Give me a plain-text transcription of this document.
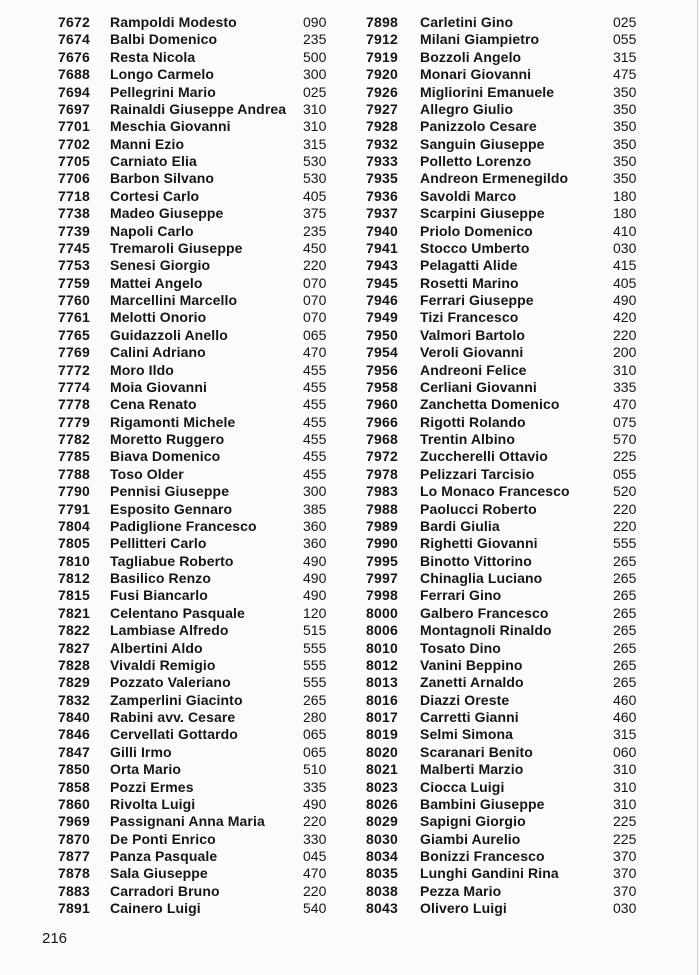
7672 Rampoldi Modesto	090
7674 Balbi Domenico	235
7676 Resta Nicola	500
7688 Longo Carmelo	300
7694 Pellegrini Mario	025
7697 Rainaldi Giuseppe Andrea 310
7701 Meschia Giovanni	310
7702 Manni Ezio	315
7705 Carniato Elia	530
7706 Barbon Silvano	530
7718 Cortesi Carlo	405
7738 Madeo Giuseppe	375
7739 Napoli Carlo	235
7745 Tremaroli Giuseppe	450
7753 Senesi Giorgio	220
7759 Mattei Angelo	070
7760 Marcellini Marcello	070
7761 Melotti Onorio	070
7765 Guidazzoli Anello	065
7769 Calini Adriano	470
7772 Moro Ildo	455
7774 Moia Giovanni	455
7778 Cena Renato	455
7779 Rigamonti Michele	455
7782 Moretto Ruggero	455
7785 Biava Domenico	455
7788 Toso Older	455
7790 Pennisi Giuseppe	300
7791 Esposito Gennaro	385
7804 Padiglione Francesco	360
7805 Pellitteri Carlo	360
7810 Tagliabue Roberto	490
7812 Basilico Renzo	490
7815 Fusi Biancarlo	490
7821 Celentano Pasquale	120
7822 Lambiase Alfredo	515
7827 Albertini Aldo	555
7828 Vivaldi Remigio	555
7829 Pozzato Valeriano	555
7832 Zamperlini Giacinto	265
7840 Rabini avv. Cesare	280
7846 Cervellati Gottardo	065
7847 Gilli Irmo	065
7850 Orta Mario	510
7858 Pozzi Ermes	335
7860 Rivolta Luigi	490
7969 Passignani Anna Maria	220
7870 De Ponti Enrico	330
7877 Panza Pasquale	045
7878 Sala Giuseppe	470
7883 Carradori Bruno	220
7891 Cainero Luigi	540
7898 Carletini Gino	025
7912 Milani Giampietro	055
7919 Bozzoli Angelo	315
7920 Monari Giovanni	475
7926 Migliorini Emanuele	350
7927 Allegro Giulio	350
7928 Panizzolo Cesare	350
7932 Sanguin Giuseppe	350
7933 Polletto Lorenzo	350
7935 Andreon Ermenegildo	350
7936 Savoldi Marco	180
7937 Scarpini Giuseppe	180
7940 Priolo Domenico	410
7941 Stocco Umberto	030
7943 Pelagatti Alide	415
7945 Rosetti Marino	405
7946 Ferrari Giuseppe	490
7949 Tizi Francesco	420
7950 Valmori Bartolo	220
7954 Veroli Giovanni	200
7956 Andreoni Felice	310
7958 Cerliani Giovanni	335
7960 Zanchetta Domenico	470
7966 Rigotti Rolando	075
7968 Trentin Albino	570
7972 Zuccherelli Ottavio	225
7978 Pelizzari Tarcisio	055
7983 Lo Monaco Francesco	520
7988 Paolucci Roberto	220
7989 Bardi Giulia	220
7990 Righetti Giovanni	555
7995 Binotto Vittorino	265
7997 Chinaglia Luciano	265
7998 Ferrari Gino	265
8000 Galbero Francesco	265
8006 Montagnoli Rinaldo	265
8010 Tosato Dino	265
8012 Vanini Beppino	265
8013 Zanetti Arnaldo	265
8016 Diazzi Oreste	460
8017 Carretti Gianni	460
8019 Selmi Simona	315
8020 Scaranari Benito	060
8021 Malberti Marzio	310
8023 Ciocca Luigi	310
8026 Bambini Giuseppe	310
8029 Sapigni Giorgio	225
8030 Giambi Aurelio	225
8034 Bonizzi Francesco	370
8035 Lunghi Gandini Rina	370
8038 Pezza Mario	370
8043 Olivero Luigi	030
216
